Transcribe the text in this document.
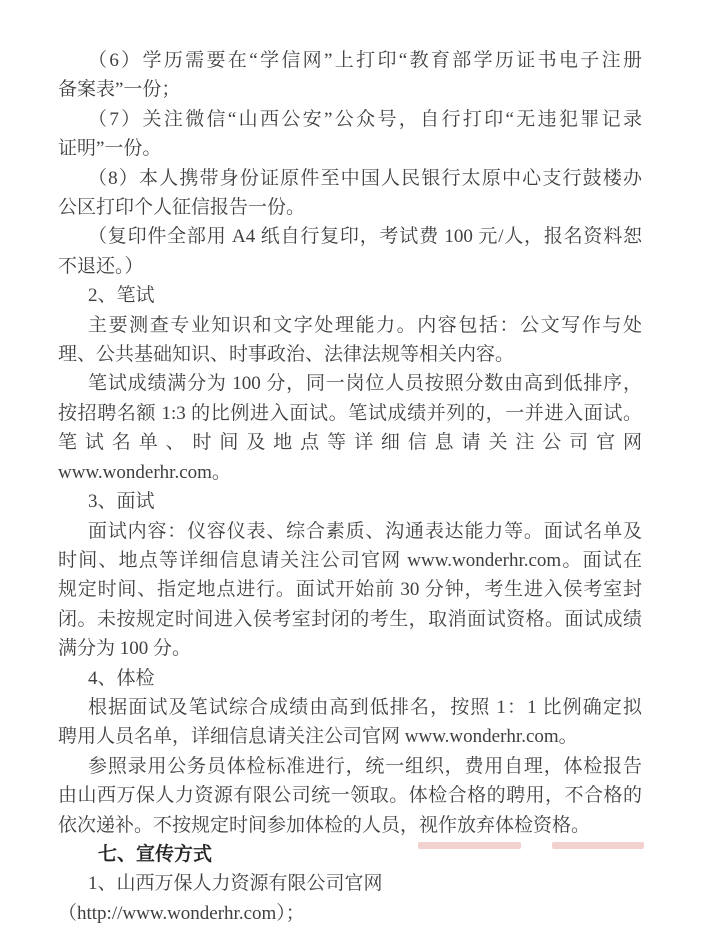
（6）学历需要在“学信网”上打印“教育部学历证书电子注册

备案表”一份；

（7）关注微信“山西公安”公众号，自行打印“无违犯罪记录

证明”一份。

（8）本人携带身份证原件至中国人民银行太原中心支行鼓楼办

公区打印个人征信报告一份。

（复印件全部用 A4 纸自行复印，考试费 100 元/人，报名资料恕

不退还。）

2、笔试

主要测查专业知识和文字处理能力。内容包括：公文写作与处

理、公共基础知识、时事政治、法律法规等相关内容。

笔试成绩满分为 100 分，同一岗位人员按照分数由高到低排序，

按招聘名额 1:3 的比例进入面试。笔试成绩并列的，一并进入面试。

笔试名单、时间及地点等详细信息请关注公司官网

www.wonderhr.com。

3、面试

面试内容：仪容仪表、综合素质、沟通表达能力等。面试名单及

时间、地点等详细信息请关注公司官网 www.wonderhr.com。面试在

规定时间、指定地点进行。面试开始前 30 分钟，考生进入侯考室封

闭。未按规定时间进入侯考室封闭的考生，取消面试资格。面试成绩

满分为 100 分。

4、体检

根据面试及笔试综合成绩由高到低排名，按照 1：1 比例确定拟

聘用人员名单，详细信息请关注公司官网 www.wonderhr.com。

参照录用公务员体检标准进行，统一组织，费用自理，体检报告

由山西万保人力资源有限公司统一领取。体检合格的聘用，不合格的

依次递补。不按规定时间参加体检的人员，视作放弃体检资格。

七、宣传方式

1、山西万保人力资源有限公司官网

（http://www.wonderhr.com）；
